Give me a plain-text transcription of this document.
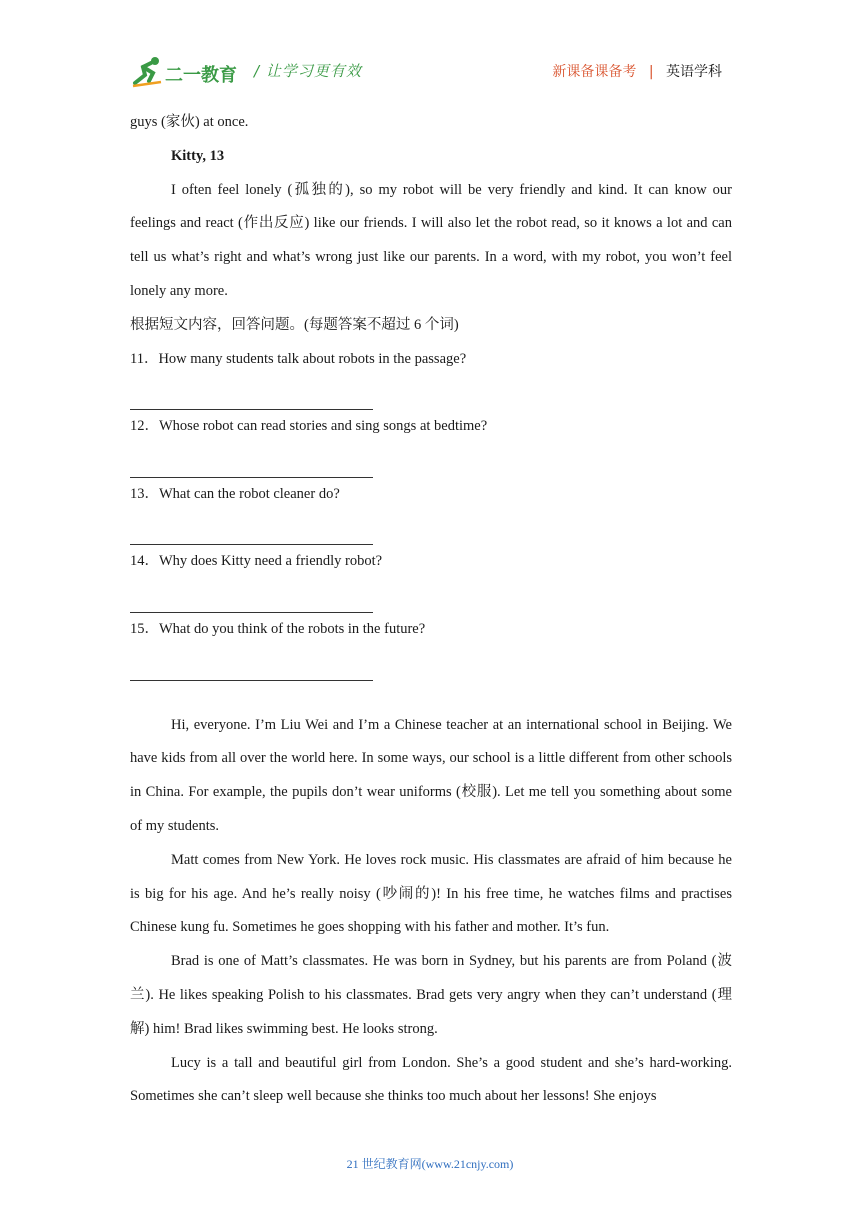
二一教育 / 让学习更有效	新课备课备考 | 英语学科

guys (家伙) at once.

Kitty, 13

I often feel lonely (孤独的), so my robot will be very friendly and kind. It can know our feelings and react (作出反应) like our friends. I will also let the robot read, so it knows a lot and can tell us what’s right and what’s wrong just like our parents. In a word, with my robot, you won’t feel lonely any more.

根据短文内容，回答问题。(每题答案不超过 6 个词)

11．How many students talk about robots in the passage?

12．Whose robot can read stories and sing songs at bedtime?

13．What can the robot cleaner do?

14．Why does Kitty need a friendly robot?

15．What do you think of the robots in the future?

Hi, everyone. I’m Liu Wei and I’m a Chinese teacher at an international school in Beijing. We have kids from all over the world here. In some ways, our school is a little different from other schools in China. For example, the pupils don’t wear uniforms (校服). Let me tell you something about some of my students.

Matt comes from New York. He loves rock music. His classmates are afraid of him because he is big for his age. And he’s really noisy (吵闹的)! In his free time, he watches films and practises Chinese kung fu. Sometimes he goes shopping with his father and mother. It’s fun.

Brad is one of Matt’s classmates. He was born in Sydney, but his parents are from Poland (波兰). He likes speaking Polish to his classmates. Brad gets very angry when they can’t understand (理解) him! Brad likes swimming best. He looks strong.

Lucy is a tall and beautiful girl from London. She’s a good student and she’s hard-working. Sometimes she can’t sleep well because she thinks too much about her lessons! She enjoys

21 世纪教育网(www.21cnjy.com)
